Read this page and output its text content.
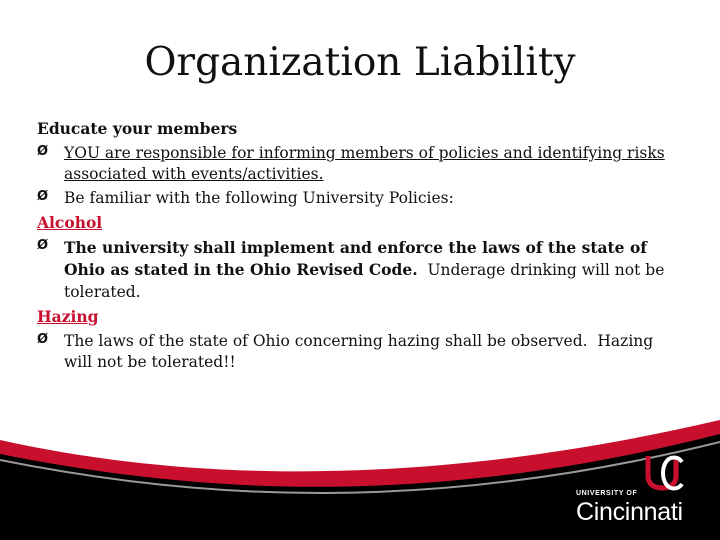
Organization Liability
Educate your members
Ø YOU are responsible for informing members of policies and identifying risks associated with events/activities.
Ø Be familiar with the following University Policies:
Alcohol
Ø The university shall implement and enforce the laws of the state of Ohio as stated in the Ohio Revised Code.  Underage drinking will not be tolerated.
Hazing
Ø The laws of the state of Ohio concerning hazing shall be observed.  Hazing will not be tolerated!!
UNIVERSITY OF
Cincinnati
